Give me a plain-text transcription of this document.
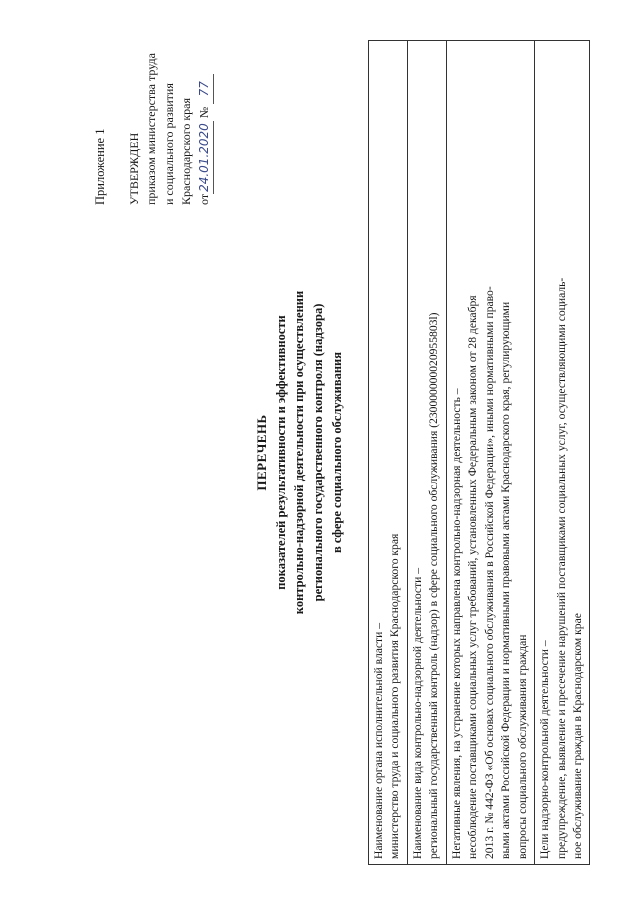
Приложение 1 УТВЕРЖДЕН приказом министерства труда и социального развития Краснодарского края от24.01.2020 № 77
ПЕРЕЧЕНЬ показателей результативности и эффективности контрольно-надзорной деятельности при осуществлении регионального государственного контроля (надзора) в сфере социального обслуживания

Наименование органа исполнительной власти – министерство труда и социального развития Краснодарского края

Наименование вида контрольно-надзорной деятельности – региональный государственный контроль (надзор) в сфере социального обслуживания (230000000020955803l)

Негативные явления, на устранение которых направлена контрольно-надзорная деятельность – несоблюдение поставщиками социальных услуг требований, установленных Федеральным законом от 28 декабря 2013 г. № 442-ФЗ «Об основах социального обслуживания в Российской Федерации», иными нормативными право- выми актами Российской Федерации и нормативными правовыми актами Краснодарского края, регулирующими вопросы социального обслуживания граждан

Цели надзорно-контрольной деятельности – предупреждение, выявление и пресечение нарушений поставщиками социальных услуг, осуществляющими социаль- ное обслуживание граждан в Краснодарском крае
